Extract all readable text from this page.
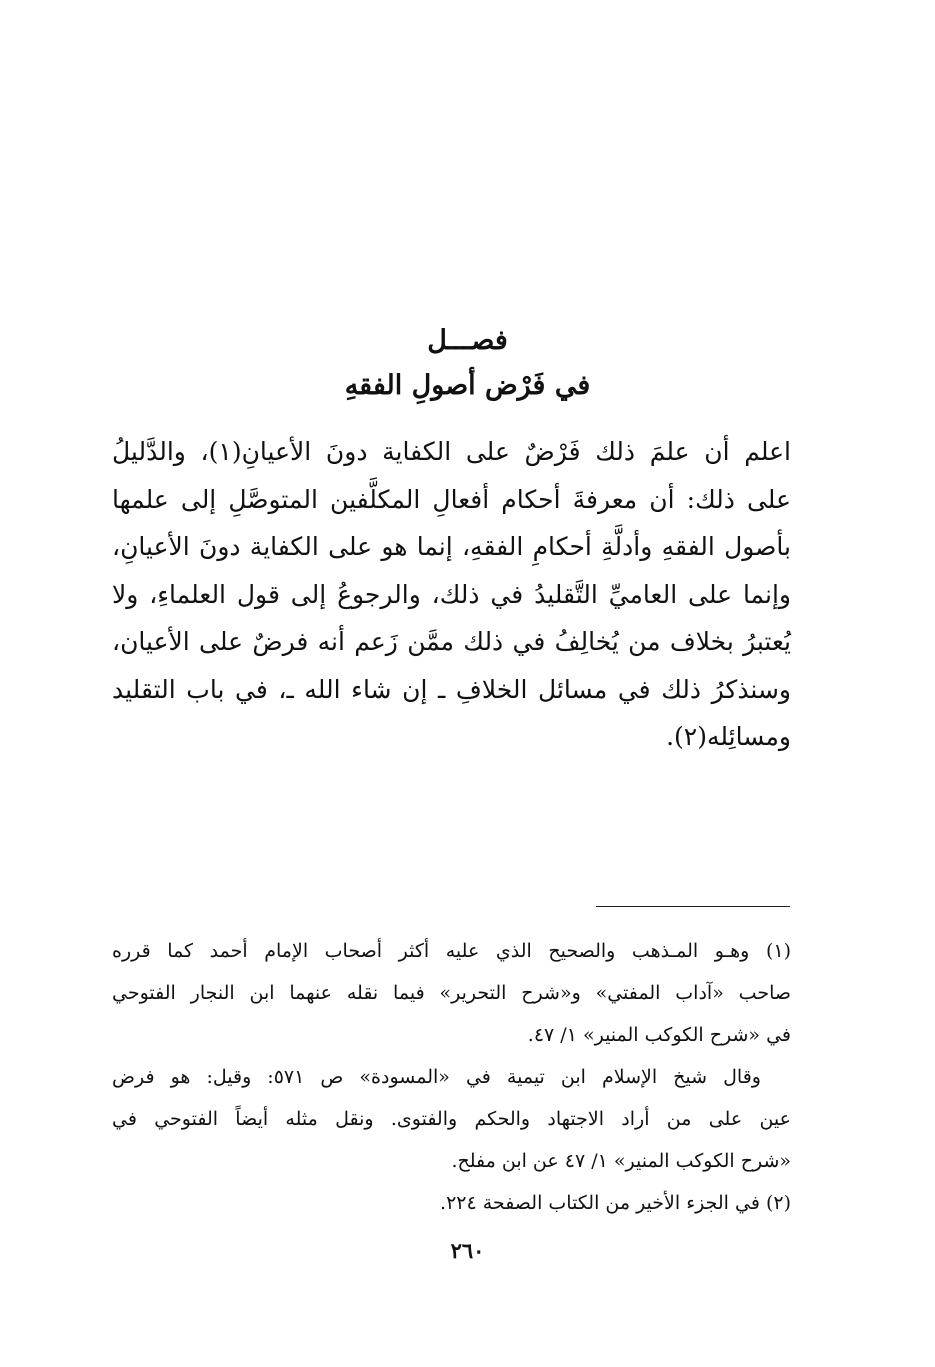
فصـــل
في فَرْض أصولِ الفقهِ
اعلم أن علمَ ذلك فَرْضٌ على الكفاية دونَ الأعيانِ(١)، والدَّليلُ
على ذلك: أن معرفةَ أحكام أفعالِ المكلَّفين المتوصَّلِ إلى علمها
بأصول الفقهِ وأدلَّةِ أحكامِ الفقهِ، إنما هو على الكفاية دونَ الأعيانِ،
وإنما على العاميِّ التَّقليدُ في ذلك، والرجوعُ إلى قول العلماءِ، ولا
يُعتبرُ بخلاف من يُخالِفُ في ذلك ممَّن زَعم أنه فرضٌ على الأعيان،
وسنذكرُ ذلك في مسائل الخلافِ ـ إن شاء الله ـ، في باب التقليد
ومسائِله(٢).
(١) وهـو المـذهب والصحيح الذي عليه أكثر أصحاب الإمام أحمد كما قرره
صاحب «آداب المفتي» و«شرح التحرير» فيما نقله عنهما ابن النجار الفتوحي
في «شرح الكوكب المنير» ١/ ٤٧.
وقال شيخ الإسلام ابن تيمية في «المسودة» ص ٥٧١: وقيل: هو فرض
عين على من أراد الاجتهاد والحكم والفتوى. ونقل مثله أيضاً الفتوحي في
«شرح الكوكب المنير» ١/ ٤٧ عن ابن مفلح.
(٢) في الجزء الأخير من الكتاب الصفحة ٢٢٤.
٢٦٠
